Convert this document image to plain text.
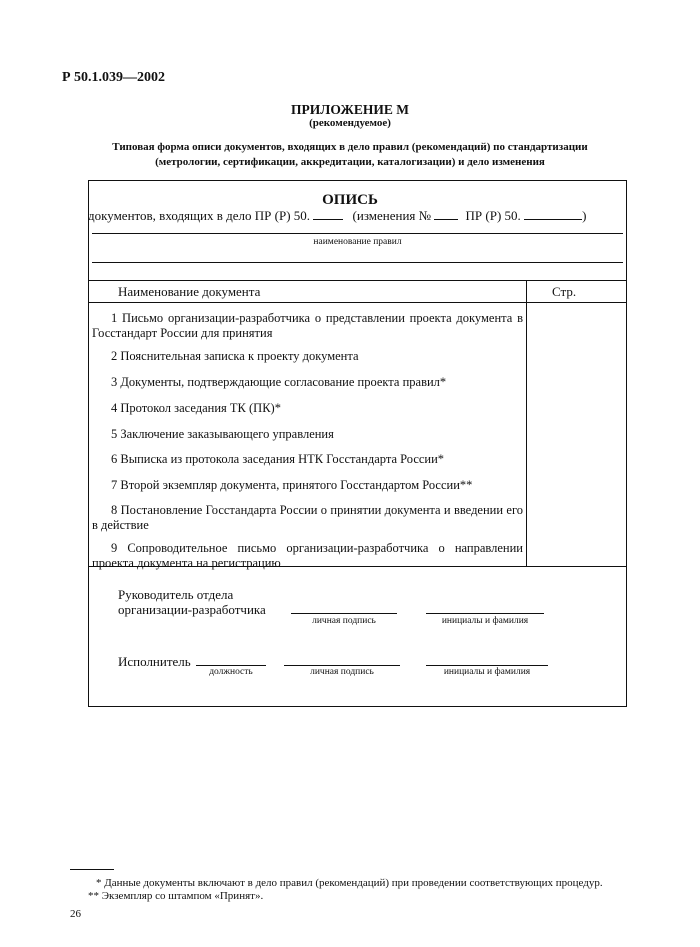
Р 50.1.039—2002
ПРИЛОЖЕНИЕ М
(рекомендуемое)
Типовая форма описи документов, входящих в дело правил (рекомендаций) по стандартизации
(метрологии, сертификации, аккредитации, каталогизации) и дело изменения
ОПИСЬ
документов, входящих в дело ПР (Р) 50.	(изменения №	ПР (Р) 50.	)
наименование правил
Наименование документа	Стр.
1 Письмо организации-разработчика о представлении проекта документа в Госстандарт России для принятия
2 Пояснительная записка к проекту документа
3 Документы, подтверждающие согласование проекта правил*
4 Протокол заседания ТК (ПК)*
5 Заключение заказывающего управления
6 Выписка из протокола заседания НТК Госстандарта России*
7 Второй экземпляр документа, принятого Госстандартом России**
8 Постановление Госстандарта России о принятии документа и введении его в действие
9 Сопроводительное письмо организации-разработчика о направлении проекта документа на регистрацию
Руководитель отдела
организации-разработчика
личная подпись	инициалы и фамилия
Исполнитель
должность	личная подпись	инициалы и фамилия
* Данные документы включают в дело правил (рекомендаций) при проведении соответствующих процедур.
** Экземпляр со штампом «Принят».
26
